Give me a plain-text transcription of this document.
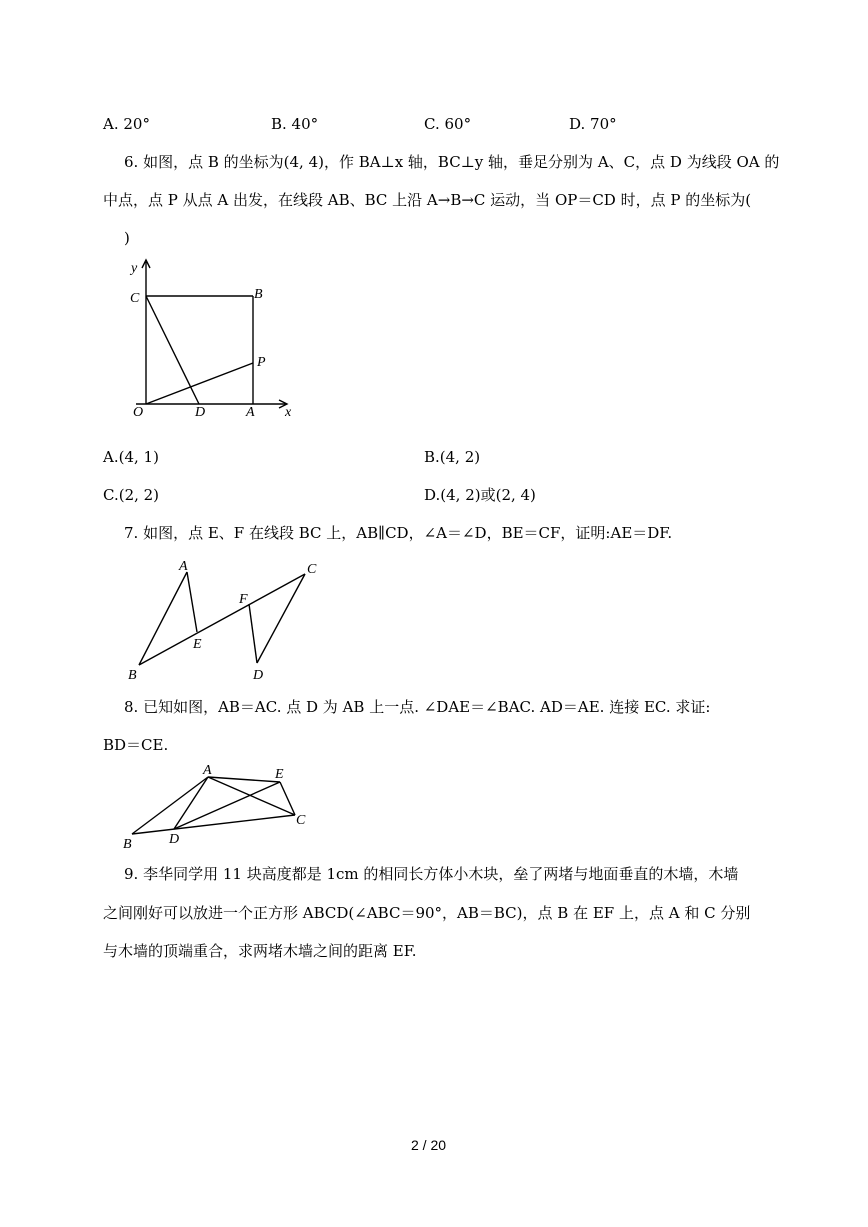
A. 20°	B. 40°	C. 60°	D. 70°
6. 如图，点 B 的坐标为(4, 4)，作 BA⊥x 轴，BC⊥y 轴，垂足分别为 A、C，点 D 为线段 OA 的
中点，点 P 从点 A 出发，在线段 AB、BC 上沿 A→B→C 运动，当 OP＝CD 时，点 P 的坐标为(　　
)
y
x
C	B
P
O	D	A
A.(4, 1)	B.(4, 2)
C.(2, 2)	D.(4, 2)或(2, 4)
7. 如图，点 E、F 在线段 BC 上，AB∥CD，∠A＝∠D，BE＝CF，证明:AE＝DF.
A	C
F
E
B	D
8. 已知如图，AB＝AC. 点 D 为 AB 上一点. ∠DAE＝∠BAC. AD＝AE. 连接 EC. 求证:
BD＝CE.
A	E
C
B	D
9. 李华同学用 11 块高度都是 1cm 的相同长方体小木块，垒了两堵与地面垂直的木墙，木墙
之间刚好可以放进一个正方形 ABCD(∠ABC＝90°，AB＝BC)，点 B 在 EF 上，点 A 和 C 分别
与木墙的顶端重合，求两堵木墙之间的距离 EF.
2 / 20
